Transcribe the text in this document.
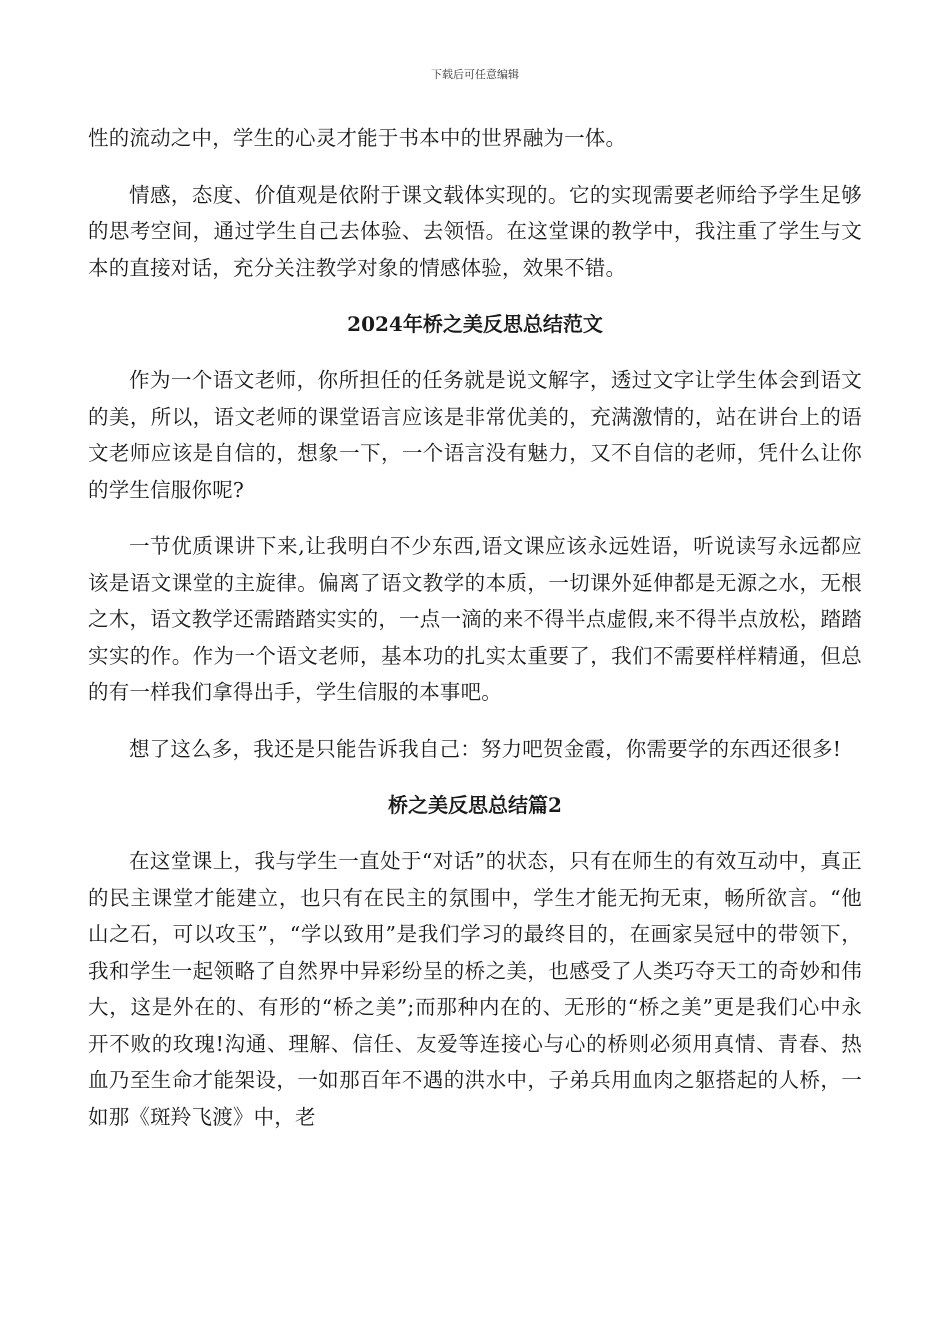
下载后可任意编辑

性的流动之中，学生的心灵才能于书本中的世界融为一体。

情感，态度、价值观是依附于课文载体实现的。它的实现需要老师给予学生足够的思考空间，通过学生自己去体验、去领悟。在这堂课的教学中，我注重了学生与文本的直接对话，充分关注教学对象的情感体验，效果不错。

2024年桥之美反思总结范文

作为一个语文老师，你所担任的任务就是说文解字，透过文字让学生体会到语文的美，所以，语文老师的课堂语言应该是非常优美的，充满激情的，站在讲台上的语文老师应该是自信的，想象一下，一个语言没有魅力，又不自信的老师，凭什么让你的学生信服你呢?

一节优质课讲下来,让我明白不少东西,语文课应该永远姓语，听说读写永远都应该是语文课堂的主旋律。偏离了语文教学的本质，一切课外延伸都是无源之水，无根之木，语文教学还需踏踏实实的，一点一滴的来不得半点虚假,来不得半点放松，踏踏实实的作。作为一个语文老师，基本功的扎实太重要了，我们不需要样样精通，但总的有一样我们拿得出手，学生信服的本事吧。

想了这么多，我还是只能告诉我自己：努力吧贺金霞，你需要学的东西还很多!

桥之美反思总结篇2

在这堂课上，我与学生一直处于“对话”的状态，只有在师生的有效互动中，真正的民主课堂才能建立，也只有在民主的氛围中，学生才能无拘无束，畅所欲言。“他山之石，可以攻玉”，“学以致用”是我们学习的最终目的，在画家吴冠中的带领下，我和学生一起领略了自然界中异彩纷呈的桥之美，也感受了人类巧夺天工的奇妙和伟大，这是外在的、有形的“桥之美”;而那种内在的、无形的“桥之美”更是我们心中永开不败的玫瑰!沟通、理解、信任、友爱等连接心与心的桥则必须用真情、青春、热血乃至生命才能架设，一如那百年不遇的洪水中，子弟兵用血肉之躯搭起的人桥，一如那《斑羚飞渡》中，老
